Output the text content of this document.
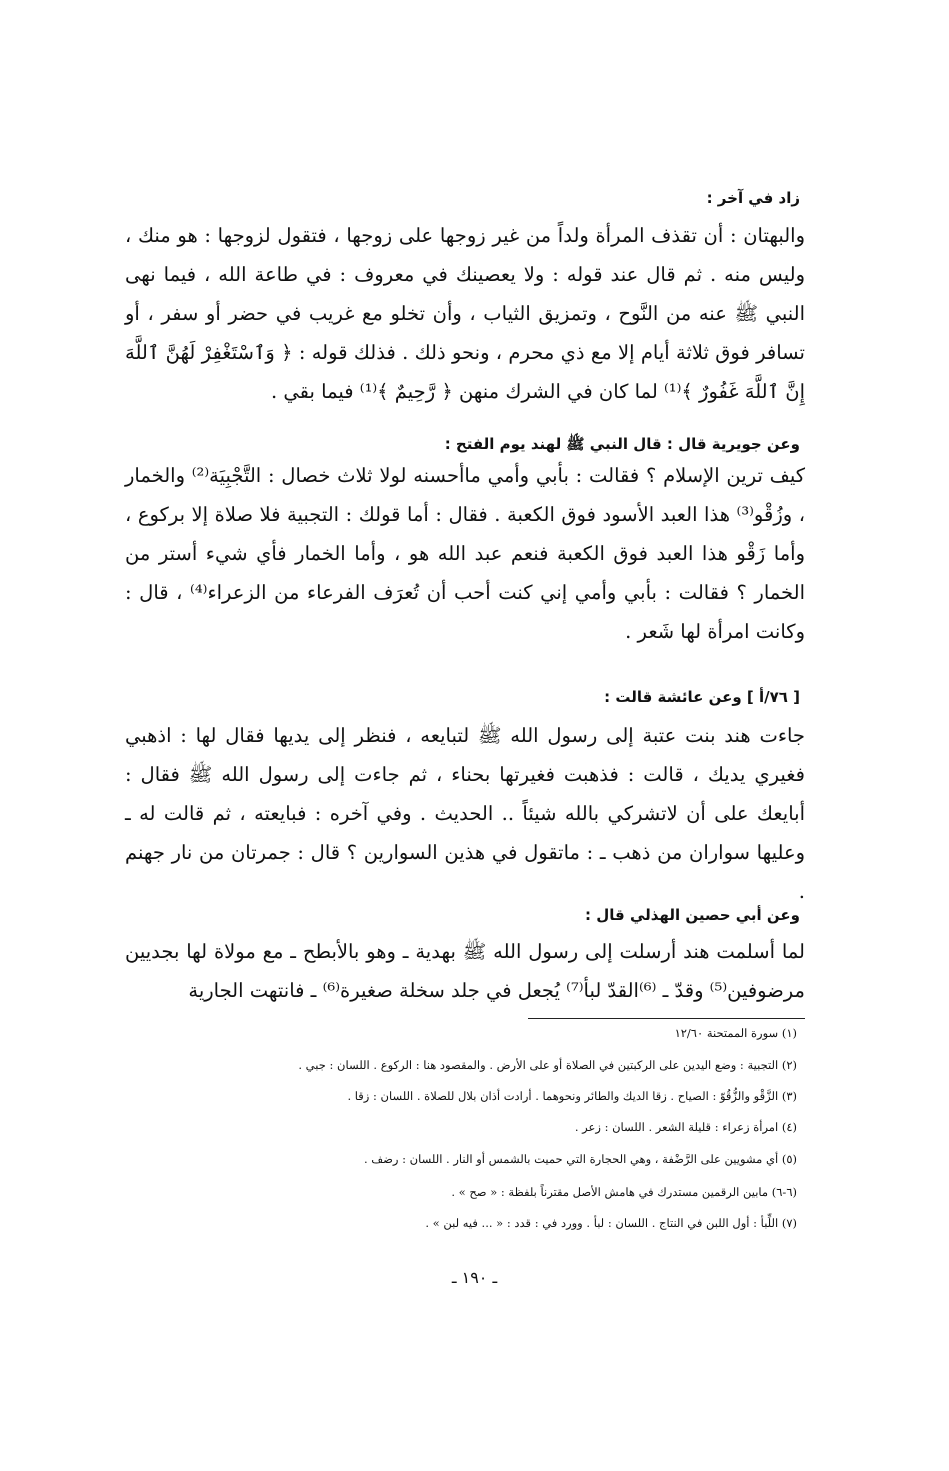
زاد في آخر :
والبهتان : أن تقذف المرأة ولداً من غير زوجها على زوجها ، فتقول لزوجها : هو منك ، وليس منه . ثم قال عند قوله : ولا يعصينك في معروف : في طاعة الله ، فيما نهى النبي ﷺ عنه من النَّوح ، وتمزيق الثياب ، وأن تخلو مع غريب في حضر أو سفر ، أو تسافر فوق ثلاثة أيام إلا مع ذي محرم ، ونحو ذلك . فذلك قوله : ﴿ وَٱسْتَغْفِرْ لَهُنَّ ٱللَّهَ إِنَّ ٱللَّهَ غَفُورٌ ﴾⁽¹⁾ لما كان في الشرك منهن ﴿ رَّحِيمٌ ﴾⁽¹⁾ فيما بقي .
وعن جويرية قال : قال النبي ﷺ لهند يوم الفتح :
كيف ترين الإسلام ؟ فقالت : بأبي وأمي ماأحسنه لولا ثلاث خصال : التَّجْبِيَة⁽²⁾ والخمار ، وزُقْو⁽³⁾ هذا العبد الأسود فوق الكعبة . فقال : أما قولك : التجبية فلا صلاة إلا بركوع ، وأما زَقْو هذا العبد فوق الكعبة فنعم عبد الله هو ، وأما الخمار فأي شيء أستر من الخمار ؟ فقالت : بأبي وأمي إني كنت أحب أن تُعرَف الفرعاء من الزعراء⁽⁴⁾ ، قال : وكانت امرأة لها شَعر .
[ ٧٦/أ ] وعن عائشة قالت :
جاءت هند بنت عتبة إلى رسول الله ﷺ لتبايعه ، فنظر إلى يديها فقال لها : اذهبي فغيري يديك ، قالت : فذهبت فغيرتها بحناء ، ثم جاءت إلى رسول الله ﷺ فقال : أبايعك على أن لاتشركي بالله شيئاً .. الحديث . وفي آخره : فبايعته ، ثم قالت له ـ وعليها سواران من ذهب ـ : ماتقول في هذين السوارين ؟ قال : جمرتان من نار جهنم .
وعن أبي حصين الهذلي قال :
لما أسلمت هند أرسلت إلى رسول الله ﷺ بهدية ـ وهو بالأبطح ـ مع مولاة لها بجديين مرضوفين⁽⁵⁾ وقدّ ـ ⁽⁶⁾القدّ لبأ⁽⁷⁾ يُجعل في جلد سخلة صغيرة⁽⁶⁾ ـ فانتهت الجارية
(١) سورة الممتحنة ١٢/٦٠
(٢) التجبية : وضع اليدين على الركبتين في الصلاة أو على الأرض . والمقصود هنا : الركوع . اللسان : جبي .
(٣) الزَّقْو والزُّقُوّ : الصياح . زقا الديك والطائر ونحوهما . أرادت أذان بلال للصلاة . اللسان : زقا .
(٤) امرأة زعراء : قليلة الشعر . اللسان : زعر .
(٥) أي مشويين على الرَّضْفة ، وهي الحجارة التي حميت بالشمس أو النار . اللسان : رضف .
(٦-٦) مابين الرقمين مستدرك في هامش الأصل مقترناً بلفظة : « صح » .
(٧) اللِّبأ : أول اللبن في النتاج . اللسان : لبأ . وورد في : قدد : « ... فيه لبن » .
ـ ١٩٠ ـ
